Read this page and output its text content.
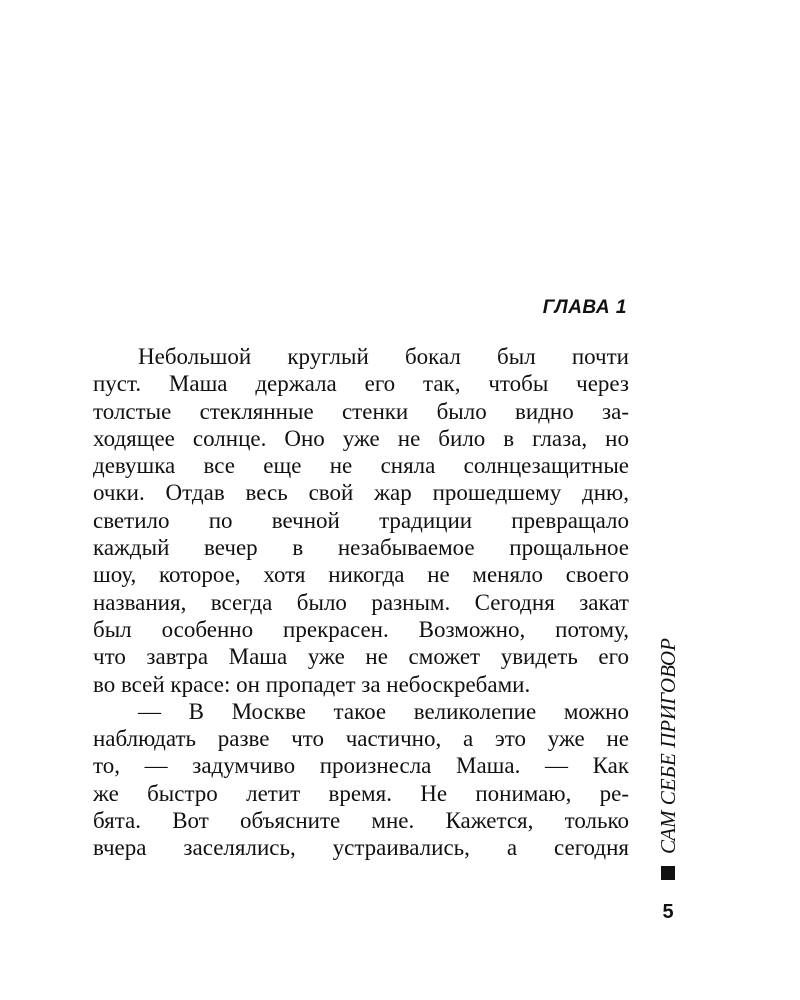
ГЛАВА 1
Небольшой круглый бокал был почти
пуст. Маша держала его так, чтобы через
толстые стеклянные стенки было видно за-
ходящее солнце. Оно уже не било в глаза, но
девушка все еще не сняла солнцезащитные
очки. Отдав весь свой жар прошедшему дню,
светило по вечной традиции превращало
каждый вечер в незабываемое прощальное
шоу, которое, хотя никогда не меняло своего
названия, всегда было разным. Сегодня закат
был особенно прекрасен. Возможно, потому,
что завтра Маша уже не сможет увидеть его
во всей красе: он пропадет за небоскребами.
— В Москве такое великолепие можно
наблюдать разве что частично, а это уже не
то, — задумчиво произнесла Маша. — Как
же быстро летит время. Не понимаю, ре-
бята. Вот объясните мне. Кажется, только
вчера заселялись, устраивались, а сегодня САМ СЕБЕ ПРИГОВОР
5
